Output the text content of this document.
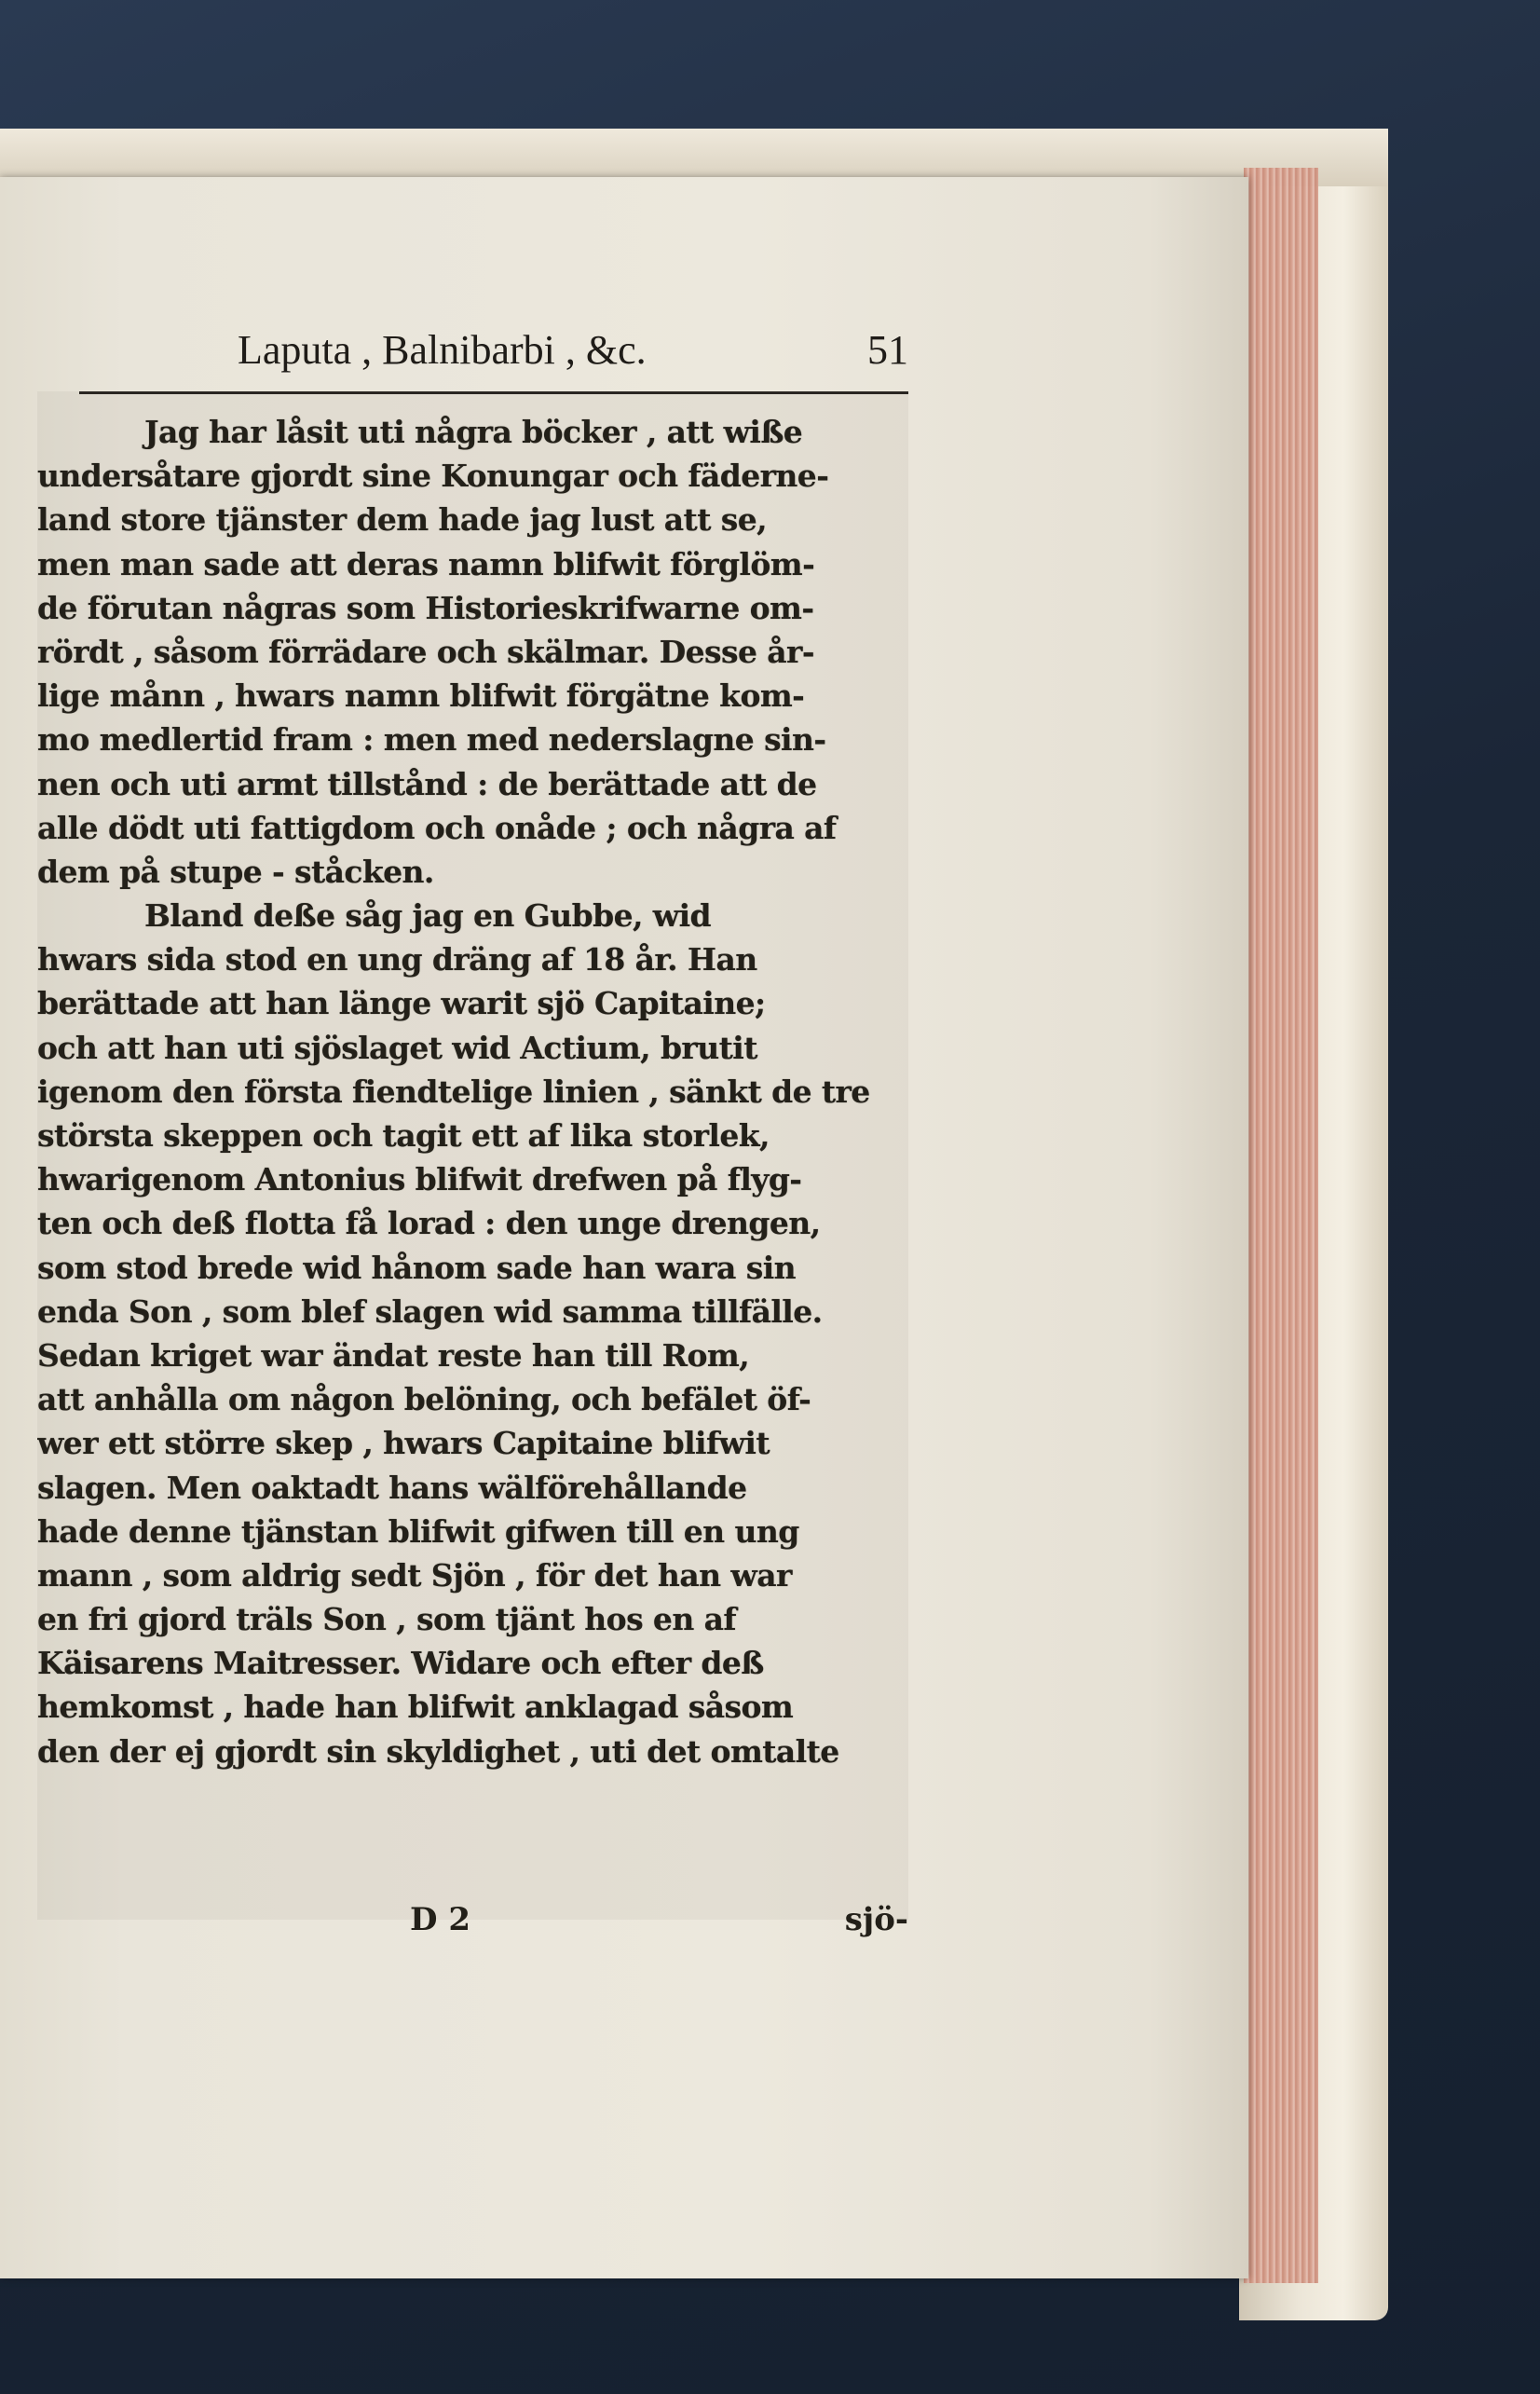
Laputa , Balnibarbi , &c.	51
Jag har låsit uti några böcker , att wiße
undersåtare gjordt sine Konungar och fäderne-
land store tjänster dem hade jag lust att se,
men man sade att deras namn blifwit förglöm-
de förutan någras som Historieskrifwarne om-
rördt , såsom förrädare och skälmar. Desse år-
lige månn , hwars namn blifwit förgätne kom-
mo medlertid fram : men med nederslagne sin-
nen och uti armt tillstånd : de berättade att de
alle dödt uti fattigdom och onåde ; och några af
dem på stupe - ståcken.
Bland deße såg jag en Gubbe, wid
hwars sida stod en ung dräng af 18 år. Han
berättade att han länge warit sjö Capitaine;
och att han uti sjöslaget wid Actium, brutit
igenom den första fiendtelige linien , sänkt de tre
största skeppen och tagit ett af lika storlek,
hwarigenom Antonius blifwit drefwen på flyg-
ten och deß flotta få lorad : den unge drengen,
som stod brede wid hånom sade han wara sin
enda Son , som blef slagen wid samma tillfälle.
Sedan kriget war ändat reste han till Rom,
att anhålla om någon belöning, och befälet öf-
wer ett större skep , hwars Capitaine blifwit
slagen. Men oaktadt hans wälförehållande
hade denne tjänstan blifwit gifwen till en ung
mann , som aldrig sedt Sjön , för det han war
en fri gjord träls Son , som tjänt hos en af
Käisarens Maitresser. Widare och efter deß
hemkomst , hade han blifwit anklagad såsom
den der ej gjordt sin skyldighet , uti det omtalte
D 2	sjö-
